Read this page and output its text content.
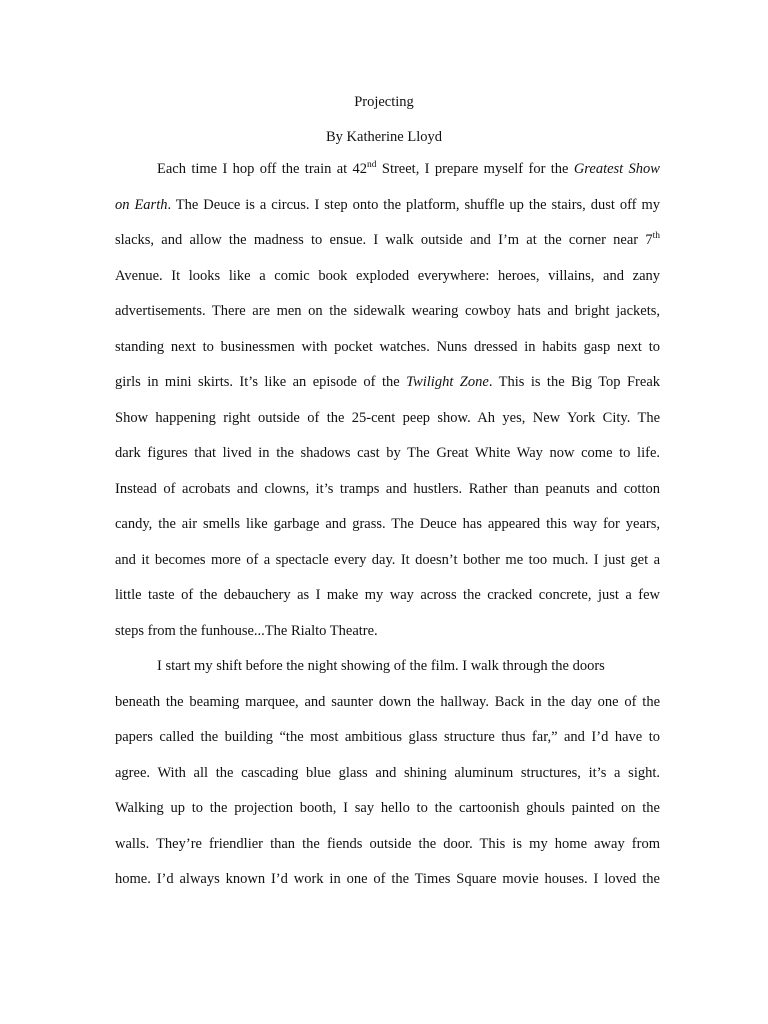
Projecting
By Katherine Lloyd
Each time I hop off the train at 42nd Street, I prepare myself for the Greatest Show
on Earth. The Deuce is a circus. I step onto the platform, shuffle up the stairs, dust off my
slacks, and allow the madness to ensue. I walk outside and I’m at the corner near 7th
Avenue. It looks like a comic book exploded everywhere: heroes, villains, and zany
advertisements. There are men on the sidewalk wearing cowboy hats and bright jackets,
standing next to businessmen with pocket watches. Nuns dressed in habits gasp next to
girls in mini skirts. It’s like an episode of the Twilight Zone. This is the Big Top Freak
Show happening right outside of the 25-cent peep show. Ah yes, New York City. The
dark figures that lived in the shadows cast by The Great White Way now come to life.
Instead of acrobats and clowns, it’s tramps and hustlers. Rather than peanuts and cotton
candy, the air smells like garbage and grass. The Deuce has appeared this way for years,
and it becomes more of a spectacle every day. It doesn’t bother me too much. I just get a
little taste of the debauchery as I make my way across the cracked concrete, just a few
steps from the funhouse...The Rialto Theatre.
I start my shift before the night showing of the film. I walk through the doors
beneath the beaming marquee, and saunter down the hallway. Back in the day one of the
papers called the building “the most ambitious glass structure thus far,” and I’d have to
agree. With all the cascading blue glass and shining aluminum structures, it’s a sight.
Walking up to the projection booth, I say hello to the cartoonish ghouls painted on the
walls. They’re friendlier than the fiends outside the door. This is my home away from
home. I’d always known I’d work in one of the Times Square movie houses. I loved the
